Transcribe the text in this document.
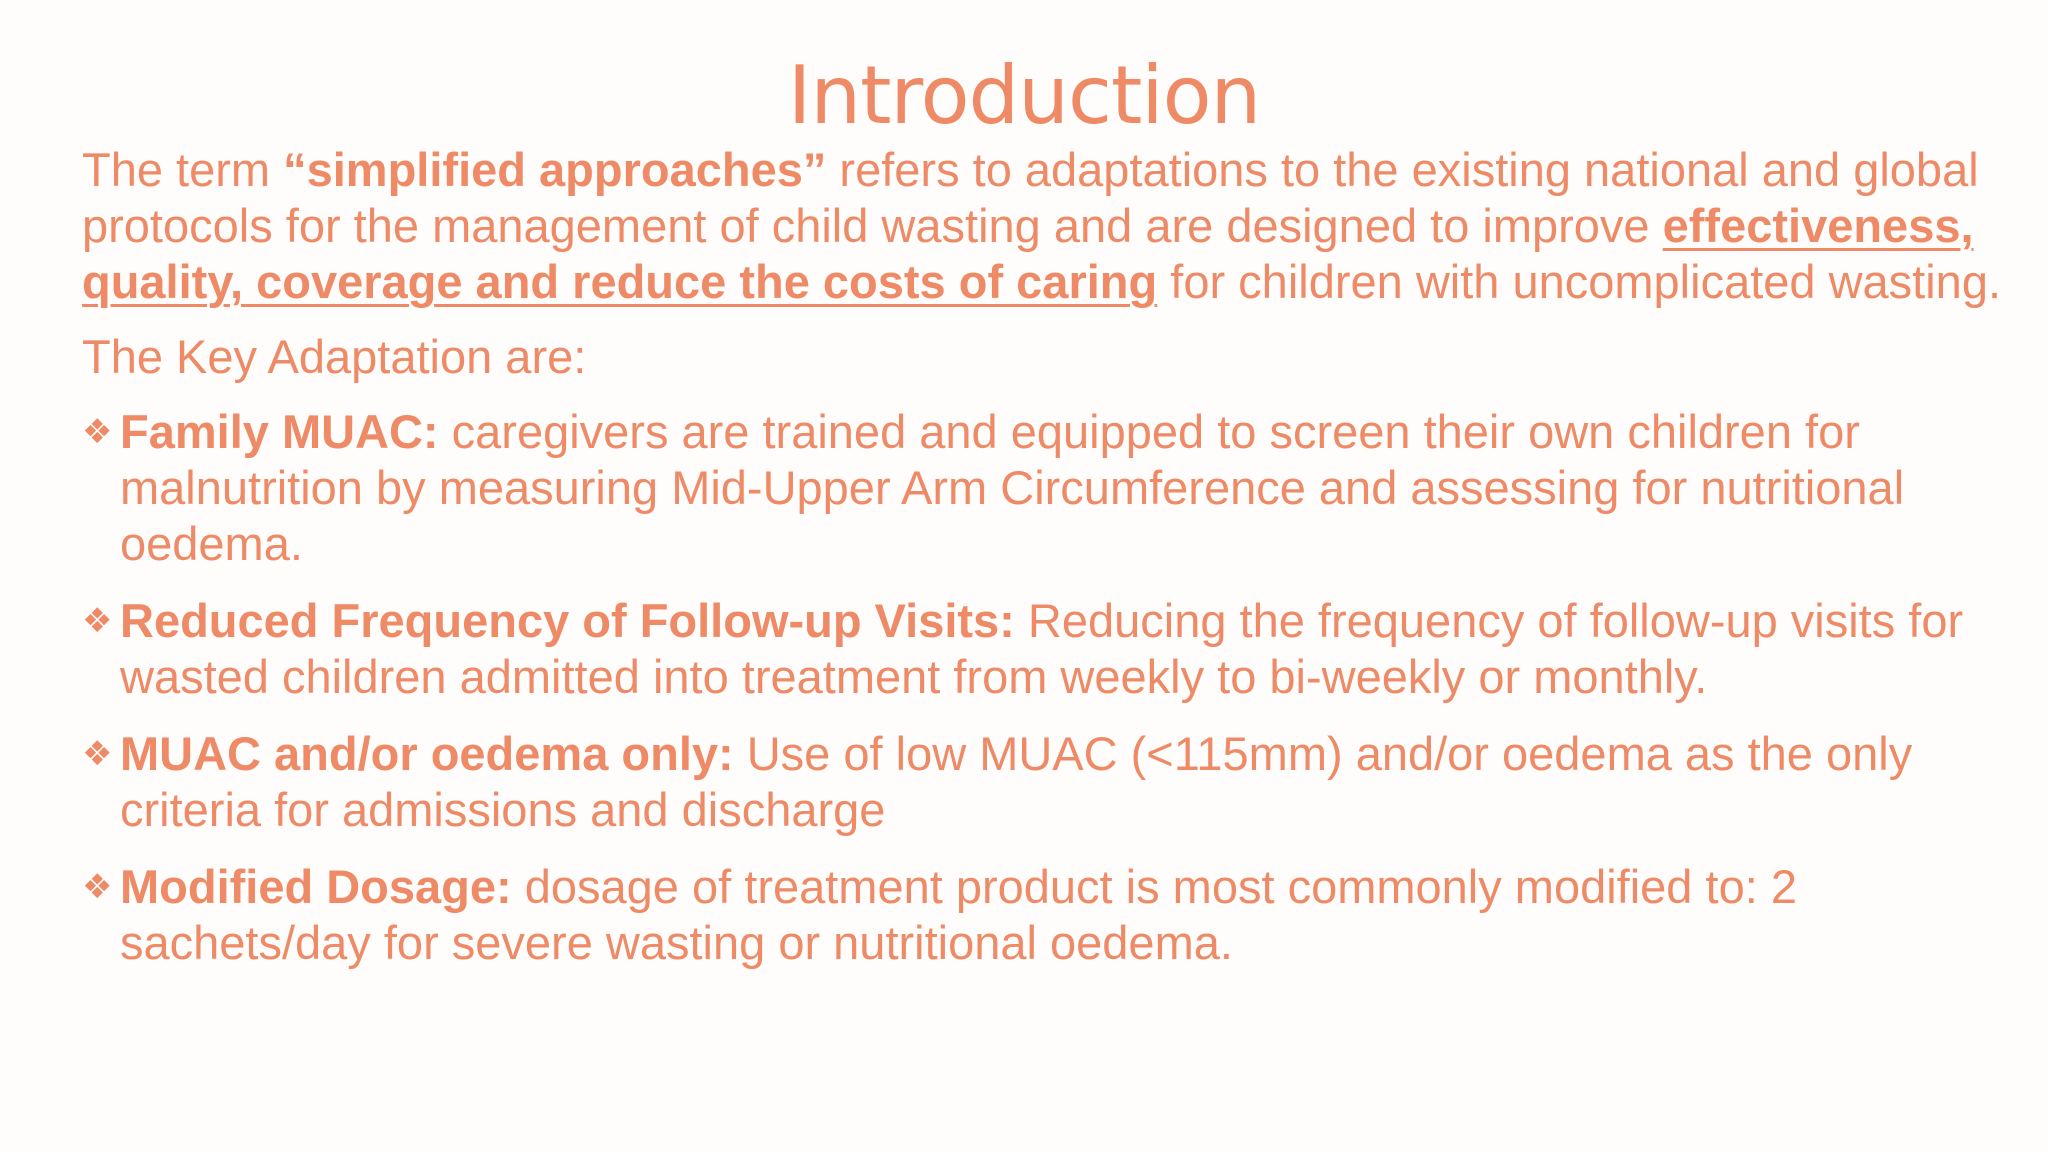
Introduction

The term “simplified approaches” refers to adaptations to the existing national and global protocols for the management of child wasting and are designed to improve effectiveness, quality, coverage and reduce the costs of caring for children with uncomplicated wasting.

The Key Adaptation are:

❖ Family MUAC: caregivers are trained and equipped to screen their own children for malnutrition by measuring Mid-Upper Arm Circumference and assessing for nutritional oedema.
❖ Reduced Frequency of Follow-up Visits: Reducing the frequency of follow-up visits for wasted children admitted into treatment from weekly to bi-weekly or monthly.
❖ MUAC and/or oedema only: Use of low MUAC (<115mm) and/or oedema as the only criteria for admissions and discharge
❖ Modified Dosage: dosage of treatment product is most commonly modified to: 2 sachets/day for severe wasting or nutritional oedema.
